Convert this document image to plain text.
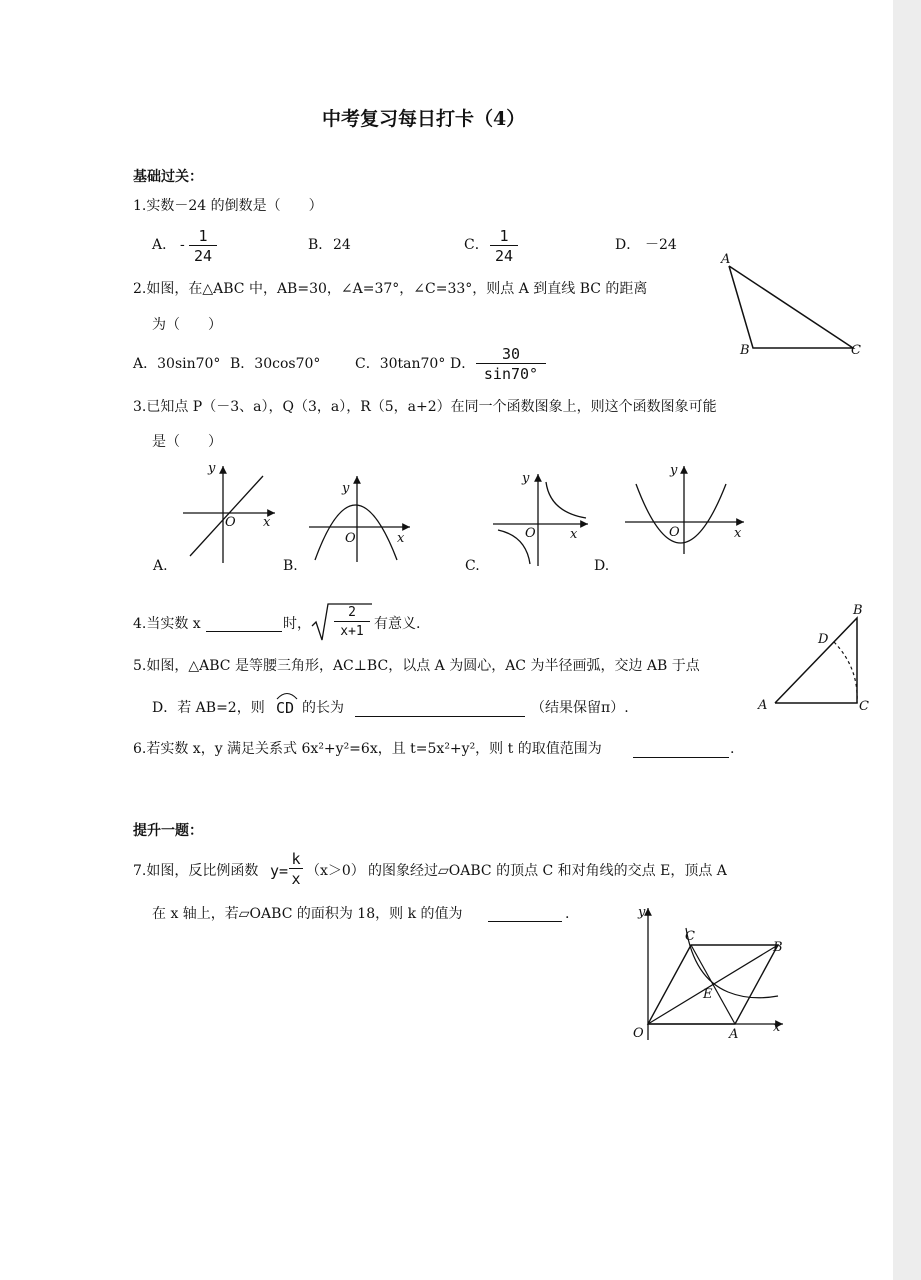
中考复习每日打卡（4）
基础过关：
1.实数－24 的倒数是（　　）
A． - $\frac{1}{24}$	B． 24	C． $\frac{1}{24}$	D． －24
2.如图，在△ABC 中，AB=30，∠A=37°，∠C=33°，则点 A 到直线 BC 的距离
为（　　）
A．30sin70° B．30cos70° C．30tan70° D． $\frac{30}{\sin 70^\circ}$
A
B	C
3.已知点 P（－3、a），Q（3，a），R（5，a+2）在同一个函数图象上，则这个函数图象可能
是（　　）
y
x
O
y
x
O
y
x
O
y
x
O
A.	B.	C.	D.
4.当实数 x	时， $\frac{2}{x+1}$ 有意义.
5.如图，△ABC 是等腰三角形，AC⊥BC，以点 A 为圆心，AC 为半径画弧，交边 AB 于点
D．若 AB=2，则 CD 的长为	（结果保留π）.	A
B
C
D
6.若实数 x，y 满足关系式 6x²+y²=6x，且 t=5x²+y²，则 t 的取值范围为	.
提升一题：
7.如图，反比例函数 $y= \frac{k}{x} (x>0)$ 的图象经过▱OABC 的顶点 C 和对角线的交点 E，顶点 A
在 x 轴上，若▱OABC 的面积为 18，则 k 的值为	.	y
C
B
E
O	A	x
